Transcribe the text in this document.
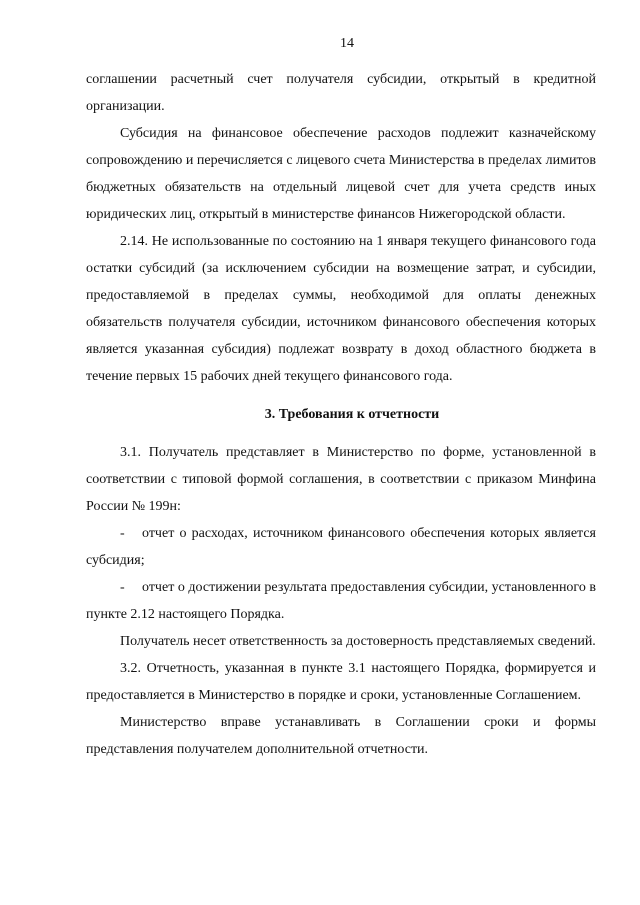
14

соглашении расчетный счет получателя субсидии, открытый в кредитной организации.

Субсидия на финансовое обеспечение расходов подлежит казначейскому сопровождению и перечисляется с лицевого счета Министерства в пределах лимитов бюджетных обязательств на отдельный лицевой счет для учета средств иных юридических лиц, открытый в министерстве финансов Нижегородской области.

2.14. Не использованные по состоянию на 1 января текущего финансового года остатки субсидий (за исключением субсидии на возмещение затрат, и субсидии, предоставляемой в пределах суммы, необходимой для оплаты денежных обязательств получателя субсидии, источником финансового обеспечения которых является указанная субсидия) подлежат возврату в доход областного бюджета в течение первых 15 рабочих дней текущего финансового года.

3. Требования к отчетности

3.1. Получатель представляет в Министерство по форме, установленной в соответствии с типовой формой соглашения, в соответствии с приказом Минфина России № 199н:

- отчет о расходах, источником финансового обеспечения которых является субсидия;

- отчет о достижении результата предоставления субсидии, установленного в пункте 2.12 настоящего Порядка.

Получатель несет ответственность за достоверность представляемых сведений.

3.2. Отчетность, указанная в пункте 3.1 настоящего Порядка, формируется и предоставляется в Министерство в порядке и сроки, установленные Соглашением.

Министерство вправе устанавливать в Соглашении сроки и формы представления получателем дополнительной отчетности.
